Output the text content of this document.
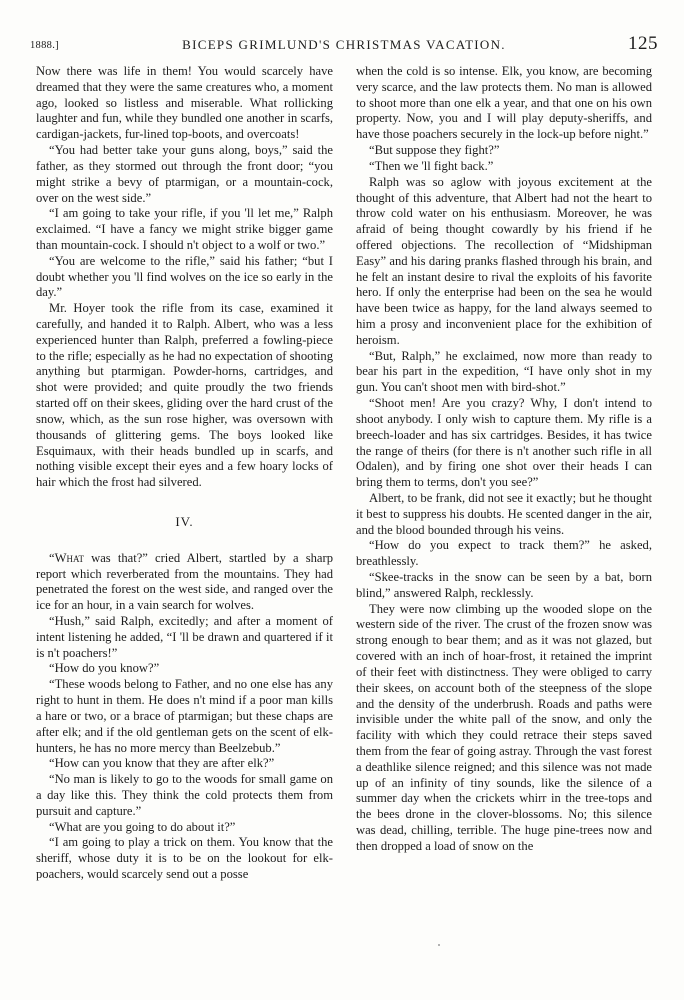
1888.]	BICEPS GRIMLUND'S CHRISTMAS VACATION.	125

Now there was life in them! You would scarcely have dreamed that they were the same creatures who, a moment ago, looked so listless and miserable. What rollicking laughter and fun, while they bundled one another in scarfs, cardigan-jackets, fur-lined top-boots, and overcoats!

“You had better take your guns along, boys,” said the father, as they stormed out through the front door; “you might strike a bevy of ptarmigan, or a mountain-cock, over on the west side.”

“I am going to take your rifle, if you 'll let me,” Ralph exclaimed. “I have a fancy we might strike bigger game than mountain-cock. I should n't object to a wolf or two.”

“You are welcome to the rifle,” said his father; “but I doubt whether you 'll find wolves on the ice so early in the day.”

Mr. Hoyer took the rifle from its case, examined it carefully, and handed it to Ralph. Albert, who was a less experienced hunter than Ralph, preferred a fowling-piece to the rifle; especially as he had no expectation of shooting anything but ptarmigan. Powder-horns, cartridges, and shot were provided; and quite proudly the two friends started off on their skees, gliding over the hard crust of the snow, which, as the sun rose higher, was oversown with thousands of glittering gems. The boys looked like Esquimaux, with their heads bundled up in scarfs, and nothing visible except their eyes and a few hoary locks of hair which the frost had silvered.

IV.

“What was that?” cried Albert, startled by a sharp report which reverberated from the mountains. They had penetrated the forest on the west side, and ranged over the ice for an hour, in a vain search for wolves.

“Hush,” said Ralph, excitedly; and after a moment of intent listening he added, “I 'll be drawn and quartered if it is n't poachers!”

“How do you know?”

“These woods belong to Father, and no one else has any right to hunt in them. He does n't mind if a poor man kills a hare or two, or a brace of ptarmigan; but these chaps are after elk; and if the old gentleman gets on the scent of elk-hunters, he has no more mercy than Beelzebub.”

“How can you know that they are after elk?”

“No man is likely to go to the woods for small game on a day like this. They think the cold protects them from pursuit and capture.”

“What are you going to do about it?”

“I am going to play a trick on them. You know that the sheriff, whose duty it is to be on the lookout for elk-poachers, would scarcely send out a posse

when the cold is so intense. Elk, you know, are becoming very scarce, and the law protects them. No man is allowed to shoot more than one elk a year, and that one on his own property. Now, you and I will play deputy-sheriffs, and have those poachers securely in the lock-up before night.”

“But suppose they fight?”

“Then we 'll fight back.”

Ralph was so aglow with joyous excitement at the thought of this adventure, that Albert had not the heart to throw cold water on his enthusiasm. Moreover, he was afraid of being thought cowardly by his friend if he offered objections. The recollection of “Midshipman Easy” and his daring pranks flashed through his brain, and he felt an instant desire to rival the exploits of his favorite hero. If only the enterprise had been on the sea he would have been twice as happy, for the land always seemed to him a prosy and inconvenient place for the exhibition of heroism.

“But, Ralph,” he exclaimed, now more than ready to bear his part in the expedition, “I have only shot in my gun. You can't shoot men with bird-shot.”

“Shoot men! Are you crazy? Why, I don't intend to shoot anybody. I only wish to capture them. My rifle is a breech-loader and has six cartridges. Besides, it has twice the range of theirs (for there is n't another such rifle in all Odalen), and by firing one shot over their heads I can bring them to terms, don't you see?”

Albert, to be frank, did not see it exactly; but he thought it best to suppress his doubts. He scented danger in the air, and the blood bounded through his veins.

“How do you expect to track them?” he asked, breathlessly.

“Skee-tracks in the snow can be seen by a bat, born blind,” answered Ralph, recklessly.

They were now climbing up the wooded slope on the western side of the river. The crust of the frozen snow was strong enough to bear them; and as it was not glazed, but covered with an inch of hoar-frost, it retained the imprint of their feet with distinctness. They were obliged to carry their skees, on account both of the steepness of the slope and the density of the underbrush. Roads and paths were invisible under the white pall of the snow, and only the facility with which they could retrace their steps saved them from the fear of going astray. Through the vast forest a deathlike silence reigned; and this silence was not made up of an infinity of tiny sounds, like the silence of a summer day when the crickets whirr in the tree-tops and the bees drone in the clover-blossoms. No; this silence was dead, chilling, terrible. The huge pine-trees now and then dropped a load of snow on the
